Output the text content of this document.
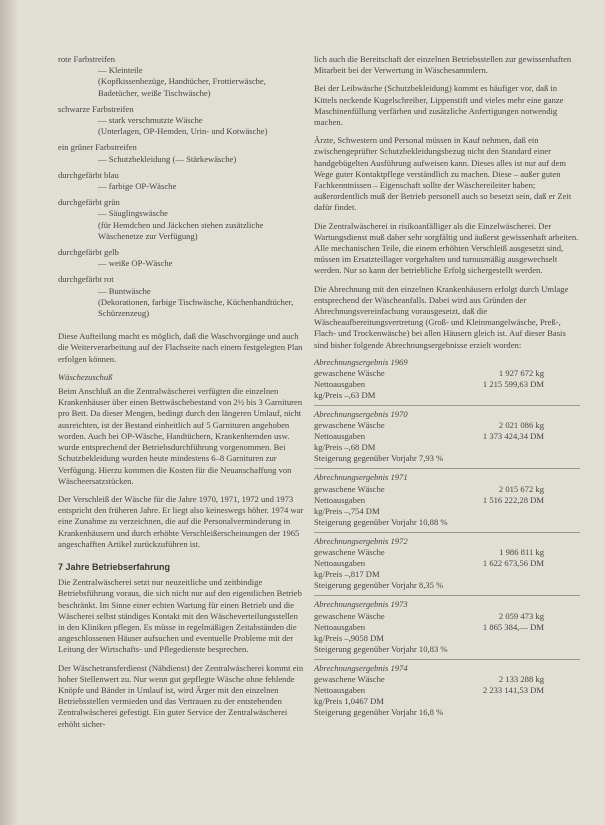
rote Farbstreifen
— Kleinteile
(Kopfkissenbezüge, Handtücher, Frottierwäsche, Badetücher, weiße Tischwäsche)
schwarze Farbstreifen
— stark verschmutzte Wäsche
(Unterlagen, OP-Hemden, Urin- und Kotwäsche)
ein grüner Farbstreifen
— Schutzbekleidung (— Stärkewäsche)
durchgefärbt blau
— farbige OP-Wäsche
durchgefärbt grün
— Säuglingswäsche
(für Hemdchen und Jäckchen stehen zusätzliche Wäschenetze zur Verfügung)
durchgefärbt gelb
— weiße OP-Wäsche
durchgefärbt rot
— Buntwäsche
(Dekorationen, farbige Tischwäsche, Küchenhandtücher, Schürzenzeug)

Diese Aufteilung macht es möglich, daß die Waschvorgänge und auch die Weiterverarbeitung auf der Flachseite nach einem festgelegten Plan erfolgen können.

Wäschezuschuß

Beim Anschluß an die Zentralwäscherei verfügten die einzelnen Krankenhäuser über einen Bettwäschebestand von 2½ bis 3 Garnituren pro Bett. Da dieser Mengen, bedingt durch den längeren Umlauf, nicht ausreichten, ist der Bestand einheitlich auf 5 Garnituren angehoben worden. Auch bei OP-Wäsche, Handtüchern, Krankenhemden usw. wurde entsprechend der Betriebsdurchführung vorgenommen. Bei Schutzbekleidung wurden heute mindestens 6–8 Garnituren zur Verfügung. Hierzu kommen die Kosten für die Neuanschaffung von Wäscheersatzstücken.

Der Verschleiß der Wäsche für die Jahre 1970, 1971, 1972 und 1973 entspricht den früheren Jahre. Er liegt also keineswegs höher. 1974 war eine Zunahme zu verzeichnen, die auf die Personalverminderung in Krankenhäusern und durch erhöhte Verschleißerscheinungen der 1965 angeschafften Artikel zurückzuführen ist.

7 Jahre Betriebserfahrung

Die Zentralwäscherei setzt nur neuzeitliche und zeitbindige Betriebsführung voraus, die sich nicht nur auf den eigentlichen Betrieb beschränkt. Im Sinne einer echten Wartung für einen Betrieb und die Wäscherei selbst ständiges Kontakt mit den Wäscheverteilungsstellen in den Kliniken pflegen. Es müsse in regelmäßigen Zeitabständen die angeschlossenen Häuser aufsuchen und eventuelle Probleme mit der Leitung der Wirtschafts- und Pflegedienste besprechen.

Der Wäschetransferdienst (Nähdienst) der Zentralwäscherei kommt ein hoher Stellenwert zu. Nur wenn gut gepflegte Wäsche ohne fehlende Knöpfe und Bänder in Umlauf ist, wird Ärger mit den einzelnen Betriebsstellen vermieden und das Vertrauen zu der entstehenden Zentralwäscherei gefestigt. Ein guter Service der Zentralwäscherei erhöht sicher-

lich auch die Bereitschaft der einzelnen Betriebsstellen zur gewissenhaften Mitarbeit bei der Verwertung in Wäschesammlern.

Bei der Leibwäsche (Schutzbekleidung) kommt es häufiger vor, daß in Kittels neckende Kugelschreiber, Lippenstift und vieles mehr eine ganze Maschinenfüllung verfärben und zusätzliche Anfertigungen notwendig machen.

Ärzte, Schwestern und Personal müssen in Kauf nehmen, daß ein zwischengeprüfter Schutzbekleidungsbezug nicht den Standard einer handgebügelten Ausführung aufweisen kann. Dieses alles ist nur auf dem Wege guter Kontaktpflege verständlich zu machen. Diese – außer guten Fachkenntnissen – Eigenschaft sollte der Wäschereileiter haben; außerordentlich muß der Betrieb personell auch so besetzt sein, daß er Zeit dafür findet.

Die Zentralwäscherei in risikoanfälliger als die Einzelwäscherei. Der Wartungsdienst muß daher sehr sorgfältig und äußerst gewissenhaft arbeiten. Alle mechanischen Teile, die einem erhöhten Verschleiß ausgesetzt sind, müssen im Ersatzteillager vorgehalten und turnusmäßig ausgewechselt werden. Nur so kann der betriebliche Erfolg sichergestellt werden.

Die Abrechnung mit den einzelnen Krankenhäusern erfolgt durch Umlage entsprechend der Wäscheanfalls. Dabei wird aus Gründen der Abrechnungsvereinfachung vorausgesetzt, daß die Wäscheaufbereitungsvertretung (Groß- und Kleinmangelwäsche, Preß-, Flach- und Trockenwäsche) bei allen Häusern gleich ist. Auf dieser Basis sind bisher folgende Abrechnungsergebnisse erzielt worden:

Abrechnungsergebnis 1969
gewaschene Wäsche	1 927 672 kg
Nettoausgaben	1 215 599,63 DM
kg/Preis –,63 DM	
Abrechnungsergebnis 1970
gewaschene Wäsche	2 021 086 kg
Nettoausgaben	1 373 424,34 DM
kg/Preis –,68 DM	
Steigerung gegenüber Vorjahr 7,93 %
Abrechnungsergebnis 1971
gewaschene Wäsche	2 015 672 kg
Nettoausgaben	1 516 222,28 DM
kg/Preis –,754 DM	
Steigerung gegenüber Vorjahr 10,88 %
Abrechnungsergebnis 1972
gewaschene Wäsche	1 986 811 kg
Nettoausgaben	1 622 673,56 DM
kg/Preis –,817 DM	
Steigerung gegenüber Vorjahr 8,35 %
Abrechnungsergebnis 1973
gewaschene Wäsche	2 059 473 kg
Nettoausgaben	1 865 384,— DM
kg/Preis –,9058 DM	
Steigerung gegenüber Vorjahr 10,83 %
Abrechnungsergebnis 1974
gewaschene Wäsche	2 133 288 kg
Nettoausgaben	2 233 141,53 DM
kg/Preis 1,0467 DM	
Steigerung gegenüber Vorjahr 16,8 %
